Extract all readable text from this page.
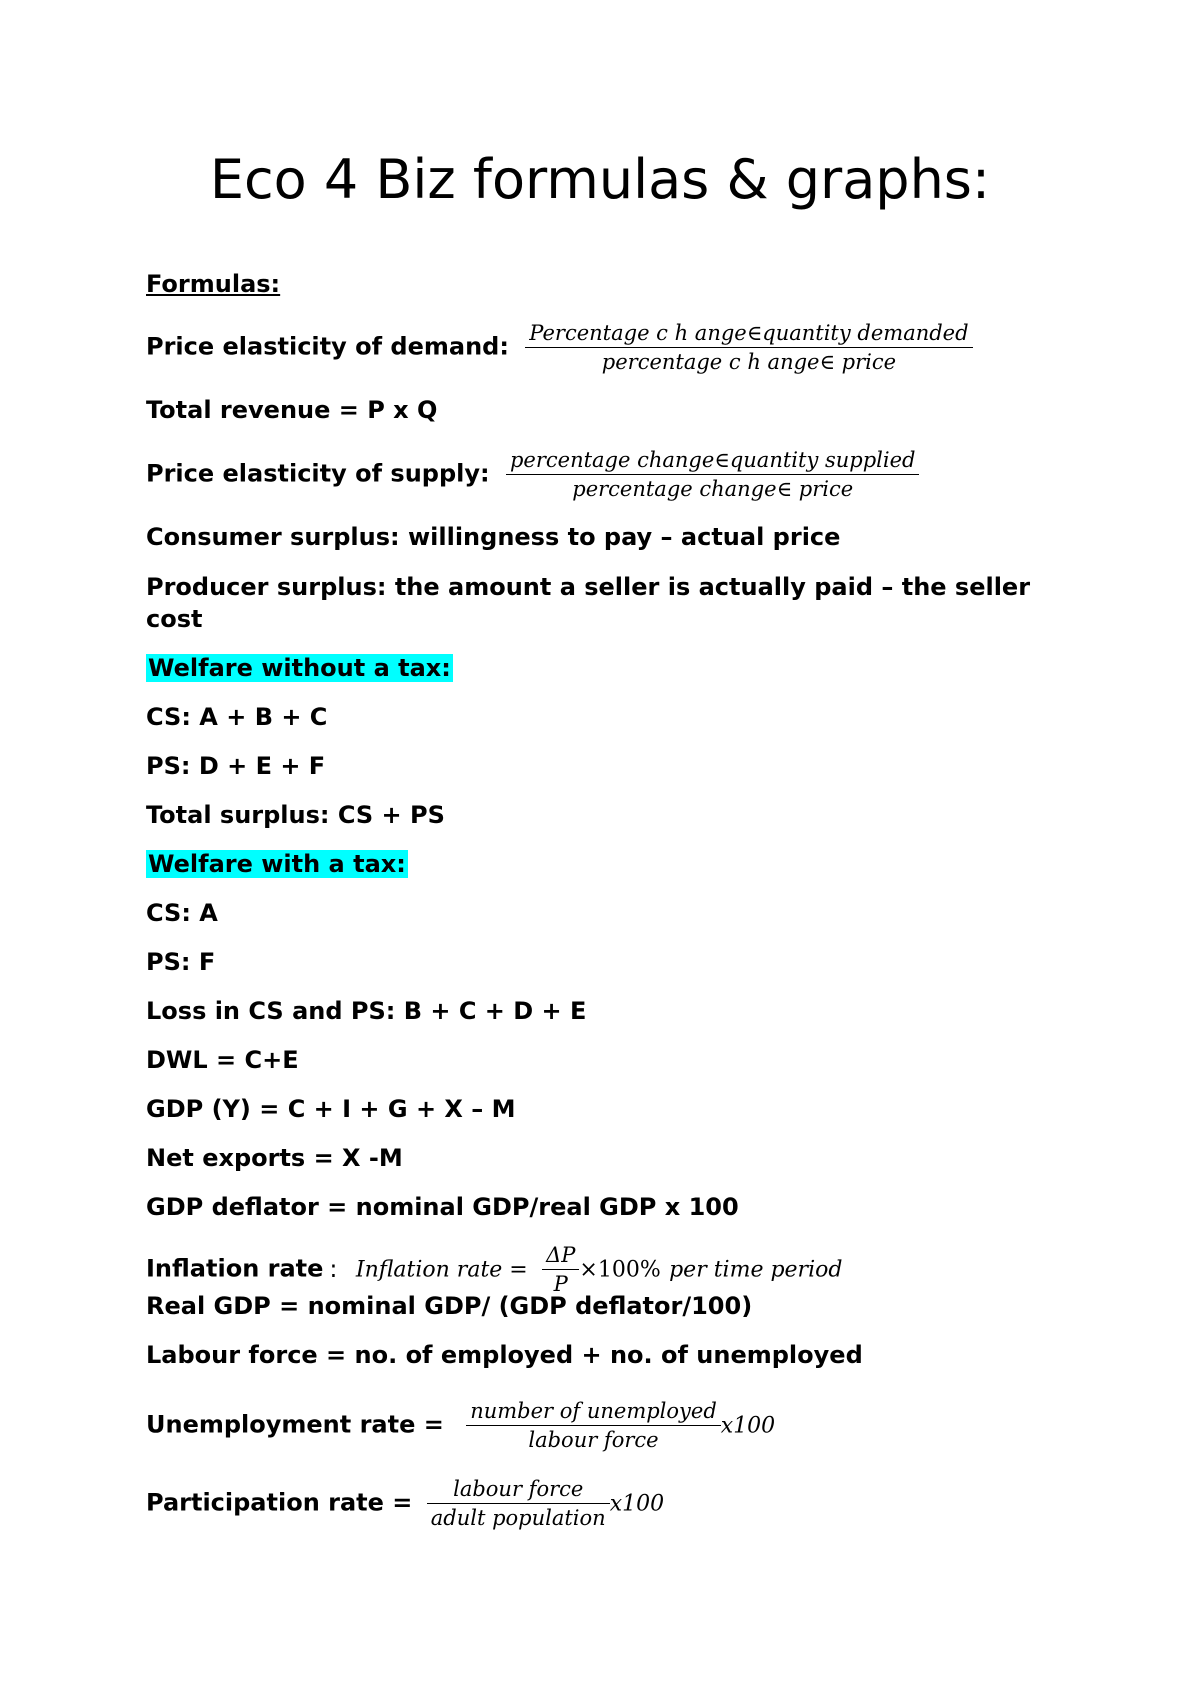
Eco 4 Biz formulas & graphs:
Formulas:
Price elasticity of demand: $\frac{\text{Percentage c h ange∈quantity demanded}}{\text{percentage c h ange∈ price}}$
Total revenue = P x Q
Price elasticity of supply: $\frac{\text{percentage change∈quantity supplied}}{\text{percentage change∈ price}}$
Consumer surplus: willingness to pay – actual price
Producer surplus: the amount a seller is actually paid – the seller cost
Welfare without a tax:
CS: A + B + C
PS: D + E + F
Total surplus: CS + PS
Welfare with a tax:
CS: A
PS: F
Loss in CS and PS: B + C + D + E
DWL = C+E
GDP (Y) = C + I + G + X – M
Net exports = X -M
GDP deflator = nominal GDP/real GDP x 100
Inflation rate : Inflation rate = $\frac{\Delta P}{P} \times 100\%$ per time period
Real GDP = nominal GDP/ (GDP deflator/100)
Labour force = no. of employed + no. of unemployed
Unemployment rate = $\frac{\text{number of unemployed}}{\text{labour force}} x100$
Participation rate = $\frac{\text{labour force}}{\text{adult population}} x100$
